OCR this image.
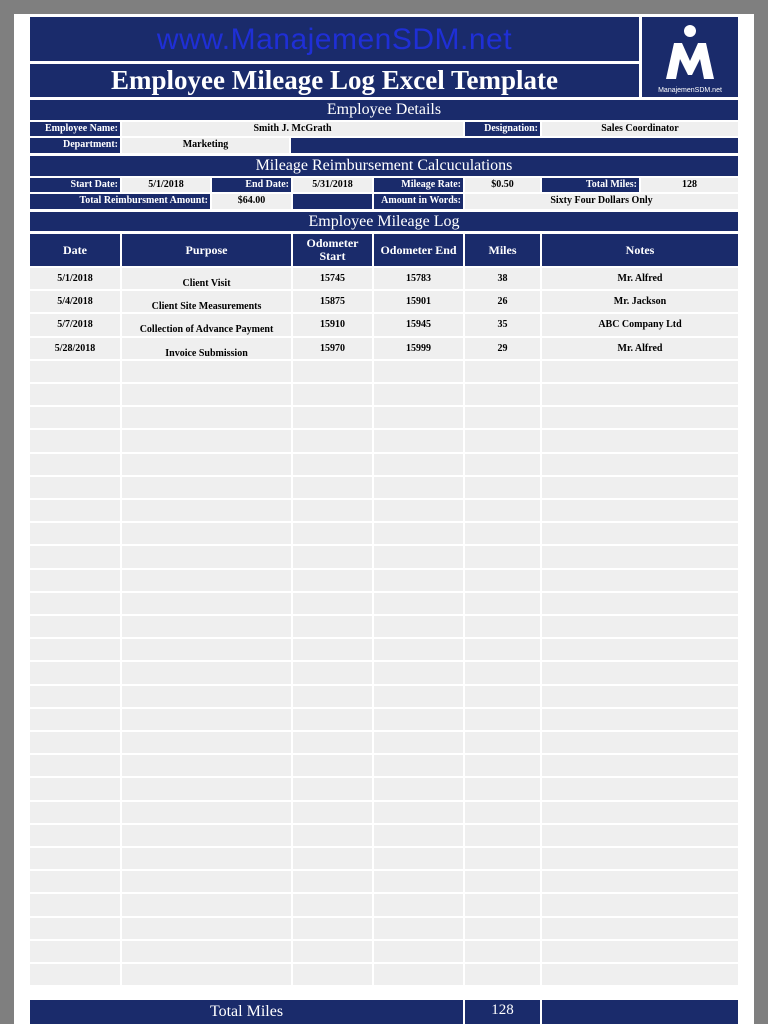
www.ManajemenSDM.net
Employee Mileage Log Excel Template	ManajemenSDM.net
Employee Details
Employee Name:	Smith J. McGrath	Designation:	Sales Coordinator
Department:	Marketing
Mileage Reimbursement Calcuculations
Start Date:	5/1/2018	End Date:	5/31/2018	Mileage Rate:	$0.50	Total Miles:	128
Total Reimbursment Amount:	$64.00	Amount in Words:	Sixty Four Dollars Only
Employee Mileage Log
Date	Purpose	Odometer Start	Odometer End	Miles	Notes
5/1/2018	Client Visit	15745	15783	38	Mr. Alfred
5/4/2018	Client Site Measurements	15875	15901	26	Mr. Jackson
5/7/2018	Collection of Advance Payment	15910	15945	35	ABC Company Ltd
5/28/2018	Invoice Submission	15970	15999	29	Mr. Alfred
Total Miles	128
